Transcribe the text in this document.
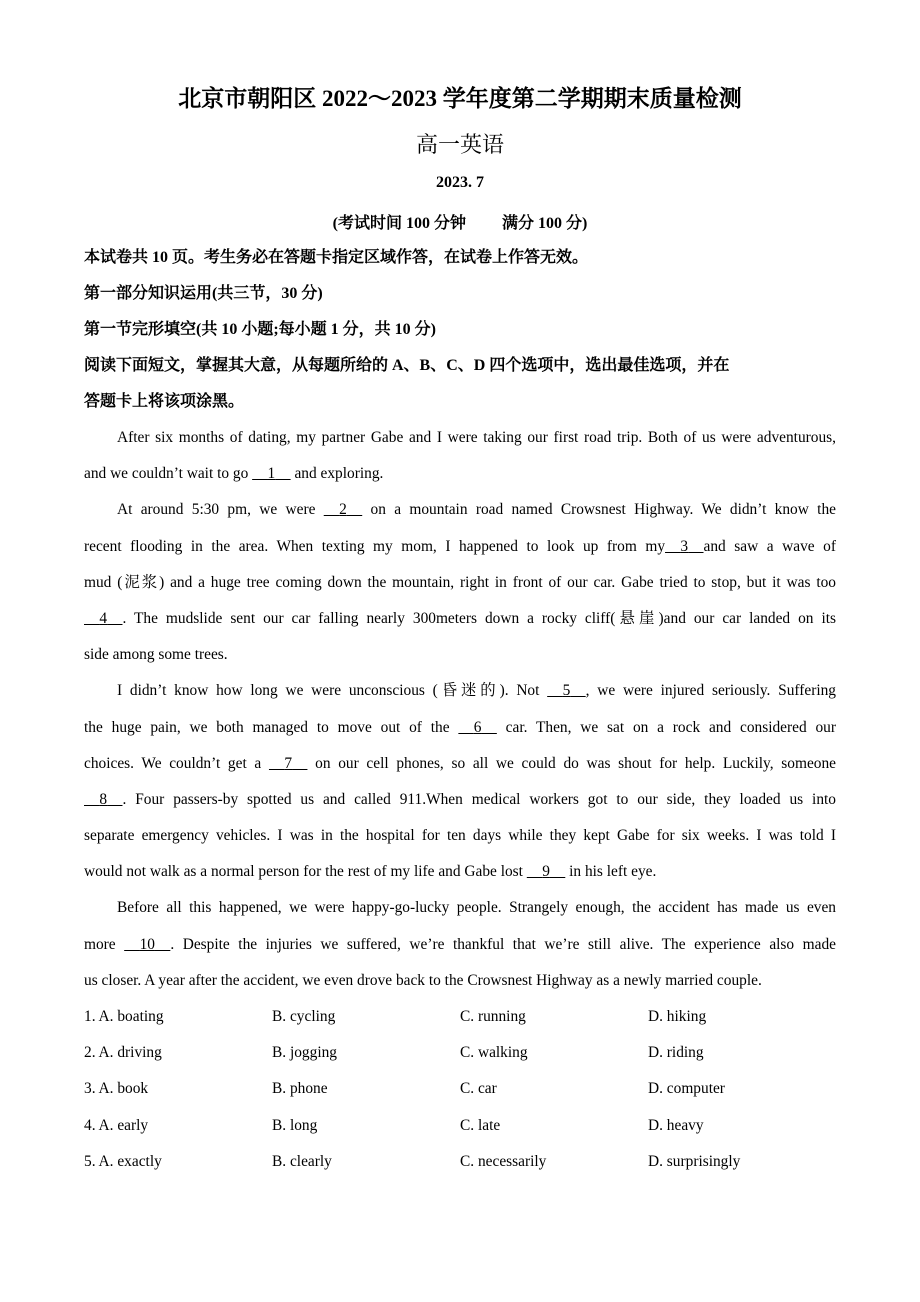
北京市朝阳区 2022～2023 学年度第二学期期末质量检测
高一英语
2023. 7
(考试时间 100 分钟 满分 100 分)
本试卷共 10 页。考生务必在答题卡指定区域作答，在试卷上作答无效。
第一部分知识运用(共三节，30 分)
第一节完形填空(共 10 小题;每小题 1 分，共 10 分)
阅读下面短文，掌握其大意，从每题所给的 A、B、C、D 四个选项中，选出最佳选项，并在
答题卡上将该项涂黑。
After six months of dating, my partner Gabe and I were taking our first road trip. Both of us were adventurous,
and we couldn’t wait to go     1     and exploring.
At around 5:30 pm, we were     2     on a mountain road named Crowsnest Highway. We didn’t know the
recent flooding in the area. When texting my mom, I happened to look up from my 3 and saw a wave of
mud (泥浆) and a huge tree coming down the mountain, right in front of our car. Gabe tried to stop, but it was too
4 . The mudslide sent our car falling nearly 300meters down a rocky cliff(悬崖)and our car landed on its
side among some trees.
I didn’t know how long we were unconscious (昏迷的). Not     5 , we were injured seriously. Suffering
the huge pain, we both managed to move out of the     6     car. Then, we sat on a rock and considered our
choices. We couldn’t get a     7     on our cell phones, so all we could do was shout for help. Luckily, someone
8 . Four passers-by spotted us and called 911.When medical workers got to our side, they loaded us into
separate emergency vehicles. I was in the hospital for ten days while they kept Gabe for six weeks. I was told I
would not walk as a normal person for the rest of my life and Gabe lost     9     in his left eye.
Before all this happened, we were happy-go-lucky people. Strangely enough, the accident has made us even
more     10 . Despite the injuries we suffered, we’re thankful that we’re still alive. The experience also made
us closer. A year after the accident, we even drove back to the Crowsnest Highway as a newly married couple.
1. A. boating	B. cycling	C. running	D. hiking
2. A. driving	B. jogging	C. walking	D. riding
3. A. book	B. phone	C. car	D. computer
4. A. early	B. long	C. late	D. heavy
5. A. exactly	B. clearly	C. necessarily	D. surprisingly
